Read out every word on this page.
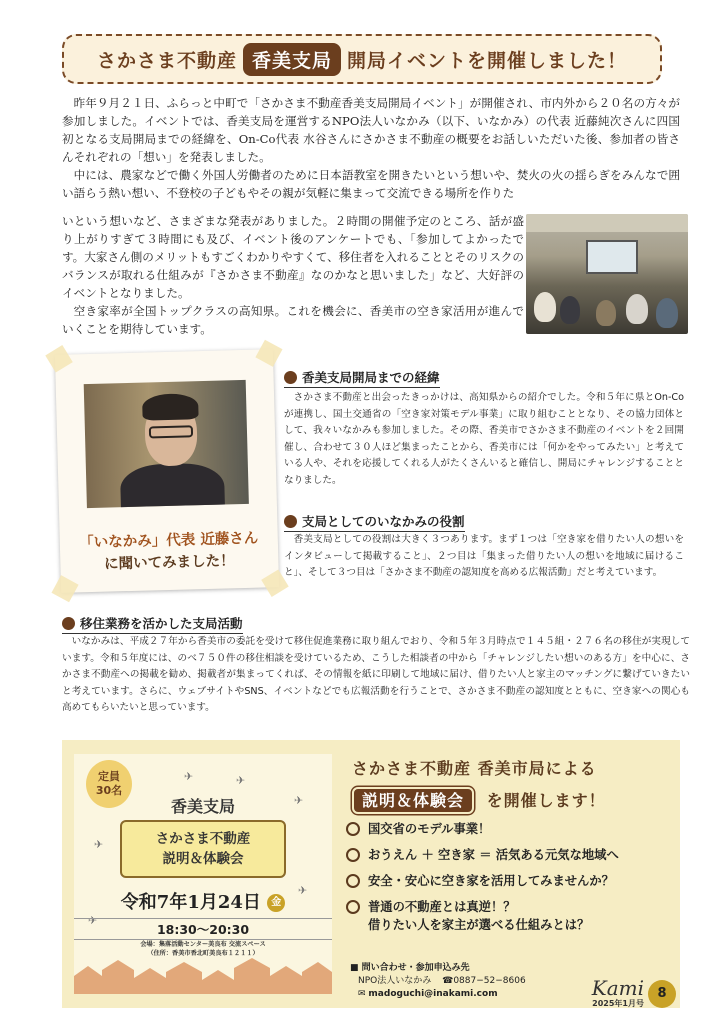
さかさま不動産 香美支局 開局イベントを開催しました！

昨年９月２１日、ふらっと中町で「さかさま不動産香美支局開局イベント」が開催され、市内外から２０名の方々が参加しました。イベントでは、香美支局を運営するNPO法人いなかみ（以下、いなかみ）の代表 近藤純次さんに四国初となる支局開局までの経緯を、On-Co代表 水谷さんにさかさま不動産の概要をお話しいただいた後、参加者の皆さんそれぞれの「想い」を発表しました。

中には、農家などで働く外国人労働者のために日本語教室を開きたいという想いや、焚火の火の揺らぎをみんなで囲い語らう熱い想い、不登校の子どもやその親が気軽に集まって交流できる場所を作りた

いという想いなど、さまざまな発表がありました。２時間の開催予定のところ、話が盛り上がりすぎて３時間にも及び、イベント後のアンケートでも、「参加してよかったです。大家さん側のメリットもすごくわかりやすくて、移住者を入れることとそのリスクのバランスが取れる仕組みが『さかさま不動産』なのかなと思いました」など、大好評のイベントとなりました。

空き家率が全国トップクラスの高知県。これを機会に、香美市の空き家活用が進んでいくことを期待しています。

「いなかみ」代表 近藤さん
に聞いてみました！
香美支局開局までの経緯

さかさま不動産と出会ったきっかけは、高知県からの紹介でした。令和５年に県とOn-Coが連携し、国土交通省の「空き家対策モデル事業」に取り組むこととなり、その協力団体として、我々いなかみも参加しました。その際、香美市でさかさま不動産のイベントを２回開催し、合わせて３０人ほど集まったことから、香美市には「何かをやってみたい」と考えている人や、それを応援してくれる人がたくさんいると確信し、開局にチャレンジすることとなりました。

支局としてのいなかみの役割

香美支局としての役割は大きく３つあります。まず１つは「空き家を借りたい人の想いをインタビューして掲載すること」、２つ目は「集まった借りたい人の想いを地域に届けること」、そして３つ目は「さかさま不動産の認知度を高める広報活動」だと考えています。

移住業務を活かした支局活動

いなかみは、平成２７年から香美市の委託を受けて移住促進業務に取り組んでおり、令和５年３月時点で１４５組・２７６名の移住が実現しています。令和５年度には、のべ７５０件の移住相談を受けているため、こうした相談者の中から「チャレンジしたい想いのある方」を中心に、さかさま不動産への掲載を勧め、掲載者が集まってくれば、その情報を紙に印刷して地域に届け、借りたい人と家主のマッチングに繋げていきたいと考えています。さらに、ウェブサイトやSNS、イベントなどでも広報活動を行うことで、さかさま不動産の認知度とともに、空き家への関心も高めてもらいたいと思っています。

定員
30名
✈	✈
✈
✈
✈
✈
香美支局
さかさま不動産
説明＆体験会
令和7年1月24日 金
18:30〜20:30
会場：集落活動センター美良布 交流スペース
（住所：香美市香北町美良布１２１１）
さかさま不動産 香美市局による
説明＆体験会 を開催します！
国交省のモデル事業！
おうえん ＋ 空き家 ＝ 活気ある元気な地域へ
安全・安心に空き家を活用してみませんか？
普通の不動産とは真逆！？
借りたい人を家主が選べる仕組みとは？
■ 問い合わせ・参加申込み先
NPO法人いなかみ ☎0887−52−8606
✉ madoguchi@inakami.com	Kami
2025年1月号
8
